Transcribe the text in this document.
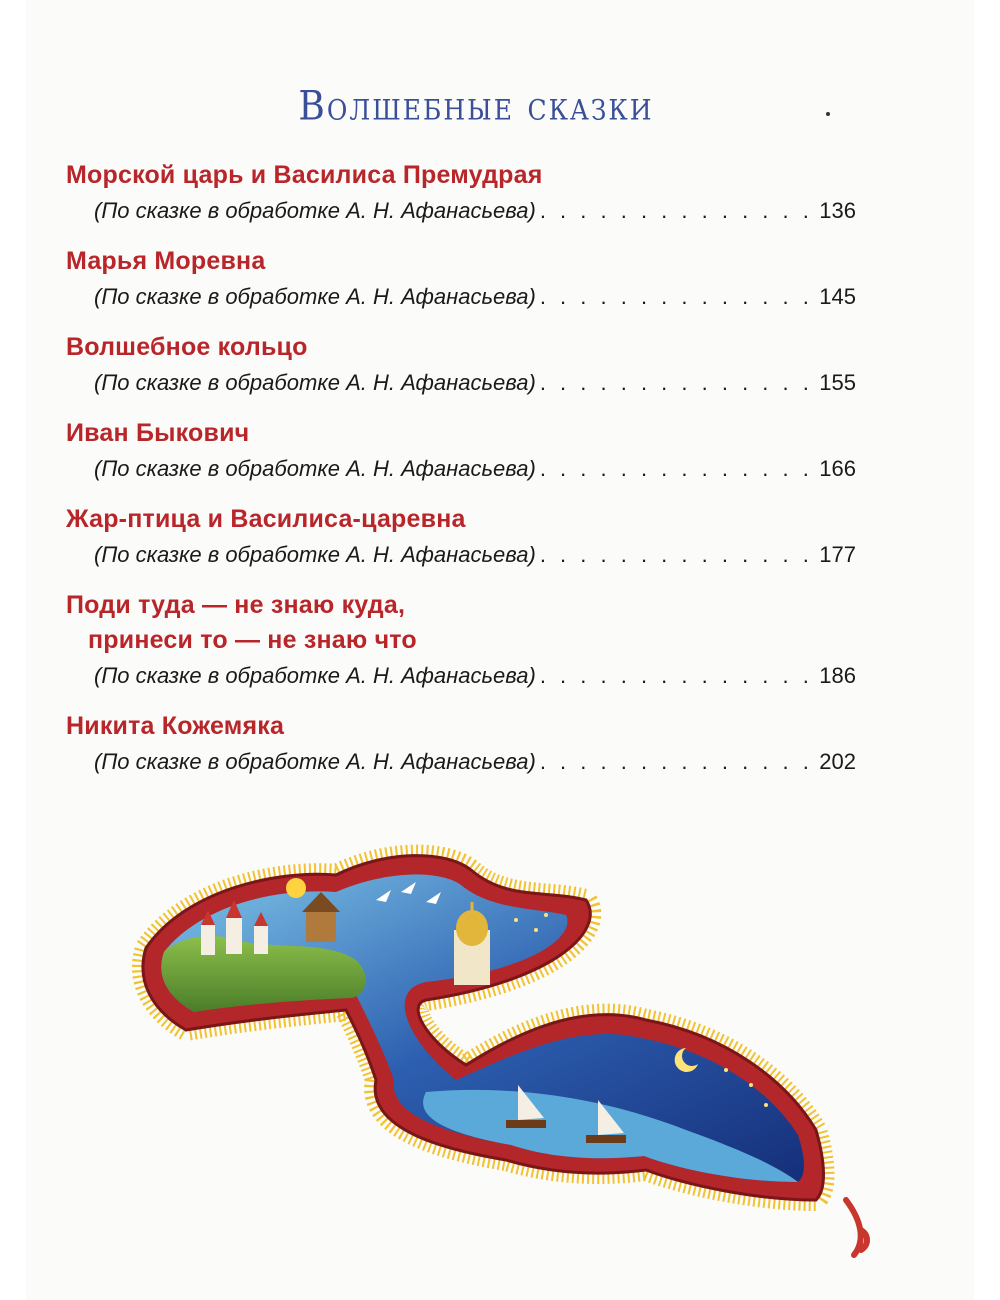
Волшебные сказки
Морской царь и Василиса Премудрая
(По сказке в обработке А. Н. Афанасьева) . . .	136
Марья Моревна
(По сказке в обработке А. Н. Афанасьева) . . .	145
Волшебное кольцо
(По сказке в обработке А. Н. Афанасьева) . . .	155
Иван Быкович
(По сказке в обработке А. Н. Афанасьева) . . .	166
Жар-птица и Василиса-царевна
(По сказке в обработке А. Н. Афанасьева) . . .	177
Поди туда — не знаю куда,
принеси то — не знаю что
(По сказке в обработке А. Н. Афанасьева) . . .	186
Никита Кожемяка
(По сказке в обработке А. Н. Афанасьева) . . .	202
